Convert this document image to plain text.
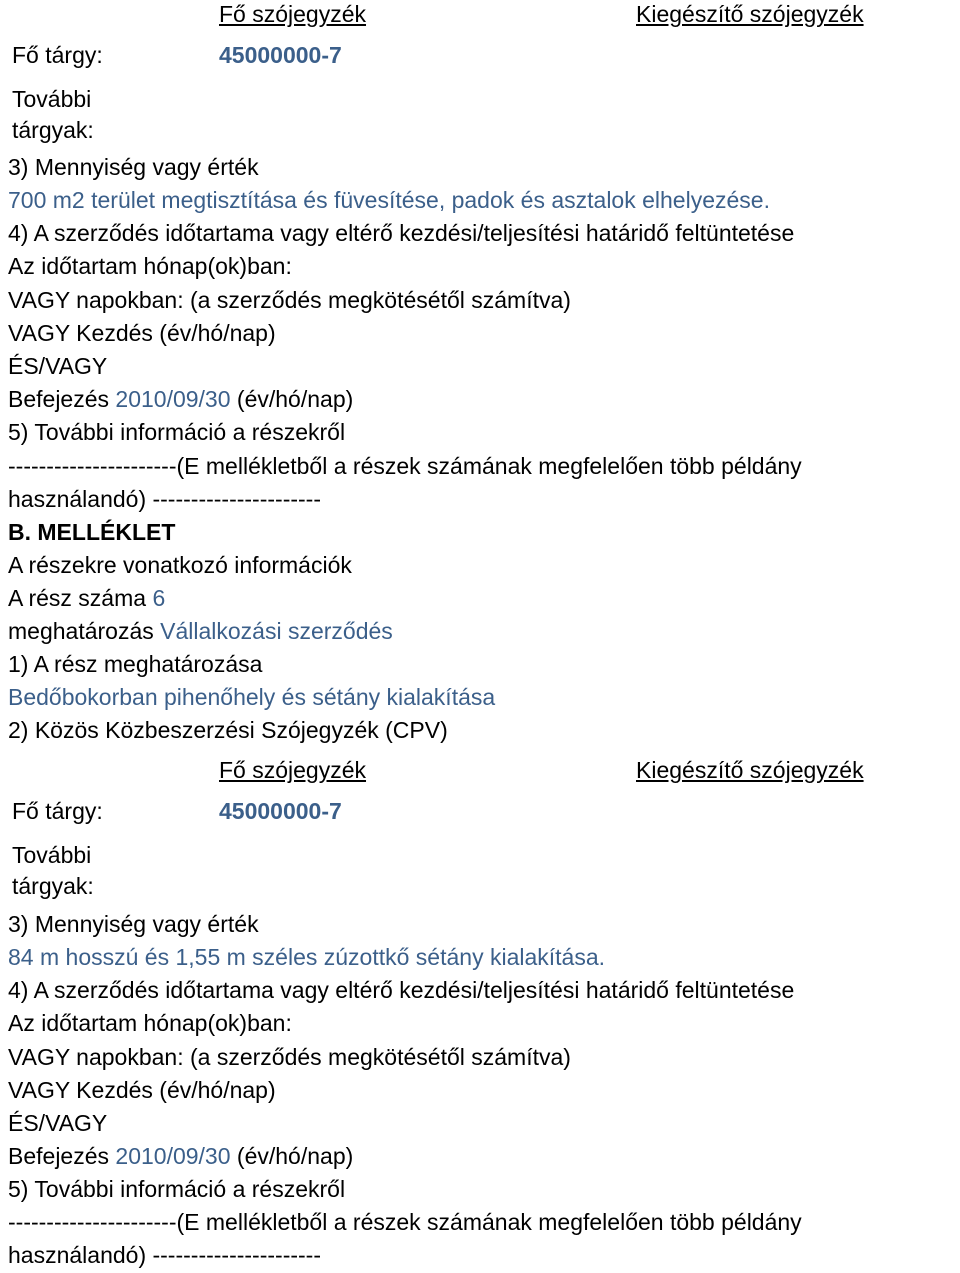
Fő szójegyzék	Kiegészítő szójegyzék
Fő tárgy:	45000000-7
További
tárgyak:
3) Mennyiség vagy érték
700 m2 terület megtisztítása és füvesítése, padok és asztalok elhelyezése.
4) A szerződés időtartama vagy eltérő kezdési/teljesítési határidő feltüntetése
Az időtartam hónap(ok)ban:
VAGY napokban: (a szerződés megkötésétől számítva)
VAGY Kezdés (év/hó/nap)
ÉS/VAGY
Befejezés 2010/09/30 (év/hó/nap)
5) További információ a részekről
----------------------(E mellékletből a részek számának megfelelően több példány
használandó) ----------------------
B. MELLÉKLET
A részekre vonatkozó információk
A rész száma 6
meghatározás Vállalkozási szerződés
1) A rész meghatározása
Bedőbokorban pihenőhely és sétány kialakítása
2) Közös Közbeszerzési Szójegyzék (CPV)
Fő szójegyzék	Kiegészítő szójegyzék
Fő tárgy:	45000000-7
További
tárgyak:
3) Mennyiség vagy érték
84 m hosszú és 1,55 m széles zúzottkő sétány kialakítása.
4) A szerződés időtartama vagy eltérő kezdési/teljesítési határidő feltüntetése
Az időtartam hónap(ok)ban:
VAGY napokban: (a szerződés megkötésétől számítva)
VAGY Kezdés (év/hó/nap)
ÉS/VAGY
Befejezés 2010/09/30 (év/hó/nap)
5) További információ a részekről
----------------------(E mellékletből a részek számának megfelelően több példány
használandó) ----------------------
